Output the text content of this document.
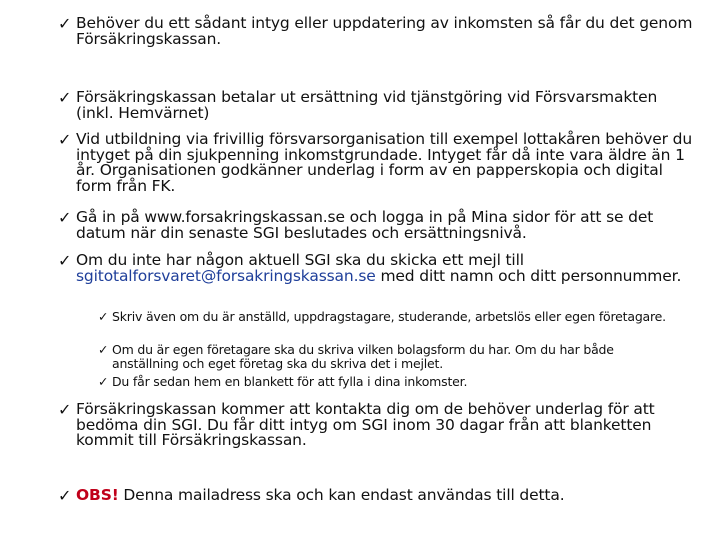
✓ Behöver du ett sådant intyg eller uppdatering av inkomsten så får du det genom Försäkringskassan.
✓ Försäkringskassan betalar ut ersättning vid tjänstgöring vid Försvarsmakten (inkl. Hemvärnet)
✓ Vid utbildning via frivillig försvarsorganisation till exempel lottakåren behöver du intyget på din sjukpenning inkomstgrundade. Intyget får då inte vara äldre än 1 år. Organisationen godkänner underlag i form av en papperskopia och digital form från FK.
✓ Gå in på www.forsakringskassan.se och logga in på Mina sidor för att se det datum när din senaste SGI beslutades och ersättningsnivå.
✓ Om du inte har någon aktuell SGI ska du skicka ett mejl till sgitotalforsvaret@forsakringskassan.se med ditt namn och ditt personnummer.
✓ Skriv även om du är anställd, uppdragstagare, studerande, arbetslös eller egen företagare.
✓ Om du är egen företagare ska du skriva vilken bolagsform du har. Om du har både anställning och eget företag ska du skriva det i mejlet.
✓ Du får sedan hem en blankett för att fylla i dina inkomster.
✓ Försäkringskassan kommer att kontakta dig om de behöver underlag för att bedöma din SGI. Du får ditt intyg om SGI inom 30 dagar från att blanketten kommit till Försäkringskassan.
✓ OBS! Denna mailadress ska och kan endast användas till detta.
